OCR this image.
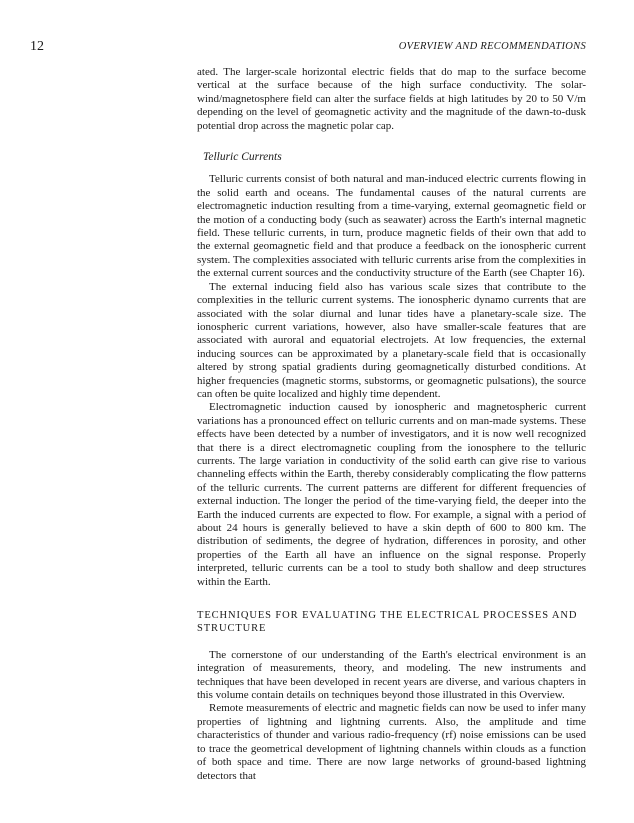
12	OVERVIEW AND RECOMMENDATIONS

ated. The larger-scale horizontal electric fields that do map to the surface become vertical at the surface because of the high surface conductivity. The solar-wind/magnetosphere field can alter the surface fields at high latitudes by 20 to 50 V/m depending on the level of geomagnetic activity and the magnitude of the dawn-to-dusk potential drop across the magnetic polar cap.

Telluric Currents

Telluric currents consist of both natural and man-induced electric currents flowing in the solid earth and oceans. The fundamental causes of the natural currents are electromagnetic induction resulting from a time-varying, external geomagnetic field or the motion of a conducting body (such as seawater) across the Earth's internal magnetic field. These telluric currents, in turn, produce magnetic fields of their own that add to the external geomagnetic field and that produce a feedback on the ionospheric current system. The complexities associated with telluric currents arise from the complexities in the external current sources and the conductivity structure of the Earth (see Chapter 16).

The external inducing field also has various scale sizes that contribute to the complexities in the telluric current systems. The ionospheric dynamo currents that are associated with the solar diurnal and lunar tides have a planetary-scale size. The ionospheric current variations, however, also have smaller-scale features that are associated with auroral and equatorial electrojets. At low frequencies, the external inducing sources can be approximated by a planetary-scale field that is occasionally altered by strong spatial gradients during geomagnetically disturbed conditions. At higher frequencies (magnetic storms, substorms, or geomagnetic pulsations), the source can often be quite localized and highly time dependent.

Electromagnetic induction caused by ionospheric and magnetospheric current variations has a pronounced effect on telluric currents and on man-made systems. These effects have been detected by a number of investigators, and it is now well recognized that there is a direct electromagnetic coupling from the ionosphere to the telluric currents. The large variation in conductivity of the solid earth can give rise to various channeling effects within the Earth, thereby considerably complicating the flow patterns of the telluric currents. The current patterns are different for different frequencies of external induction. The longer the period of the time-varying field, the deeper into the Earth the induced currents are expected to flow. For example, a signal with a period of about 24 hours is generally believed to have a skin depth of 600 to 800 km. The distribution of sediments, the degree of hydration, differences in porosity, and other properties of the Earth all have an influence on the signal response. Properly interpreted, telluric currents can be a tool to study both shallow and deep structures within the Earth.

TECHNIQUES FOR EVALUATING THE ELECTRICAL PROCESSES AND STRUCTURE

The cornerstone of our understanding of the Earth's electrical environment is an integration of measurements, theory, and modeling. The new instruments and techniques that have been developed in recent years are diverse, and various chapters in this volume contain details on techniques beyond those illustrated in this Overview.

Remote measurements of electric and magnetic fields can now be used to infer many properties of lightning and lightning currents. Also, the amplitude and time characteristics of thunder and various radio-frequency (rf) noise emissions can be used to trace the geometrical development of lightning channels within clouds as a function of both space and time. There are now large networks of ground-based lightning detectors that
